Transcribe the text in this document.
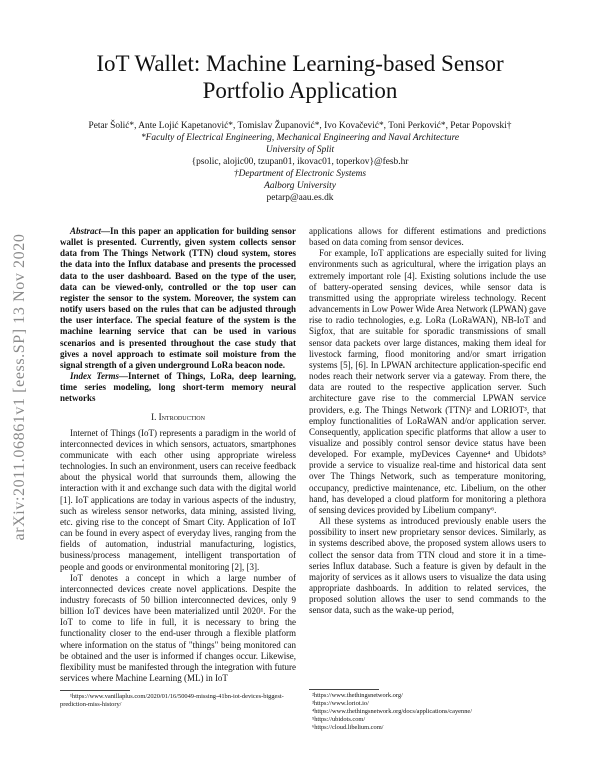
IoT Wallet: Machine Learning-based Sensor Portfolio Application
Petar Šolić*, Ante Lojić Kapetanović*, Tomislav Županović*, Ivo Kovačević*, Toni Perković*, Petar Popovski†
*Faculty of Electrical Engineering, Mechanical Engineering and Naval Architecture
University of Split
{psolic, alojic00, tzupan01, ikovac01, toperkov}@fesb.hr
†Department of Electronic Systems
Aalborg University
petarp@aau.es.dk
arXiv:2011.06861v1 [eess.SP] 13 Nov 2020

Abstract—In this paper an application for building sensor wallet is presented. Currently, given system collects sensor data from The Things Network (TTN) cloud system, stores the data into the Influx database and presents the processed data to the user dashboard. Based on the type of the user, data can be viewed-only, controlled or the top user can register the sensor to the system. Moreover, the system can notify users based on the rules that can be adjusted through the user interface. The special feature of the system is the machine learning service that can be used in various scenarios and is presented throughout the case study that gives a novel approach to estimate soil moisture from the signal strength of a given underground LoRa beacon node.

Index Terms—Internet of Things, LoRa, deep learning, time series modeling, long short-term memory neural networks

I. Introduction

Internet of Things (IoT) represents a paradigm in the world of interconnected devices in which sensors, actuators, smartphones communicate with each other using appropriate wireless technologies. In such an environment, users can receive feedback about the physical world that surrounds them, allowing the interaction with it and exchange such data with the digital world [1]. IoT applications are today in various aspects of the industry, such as wireless sensor networks, data mining, assisted living, etc. giving rise to the concept of Smart City. Application of IoT can be found in every aspect of everyday lives, ranging from the fields of automation, industrial manufacturing, logistics, business/process management, intelligent transportation of people and goods or environmental monitoring [2], [3].

IoT denotes a concept in which a large number of interconnected devices create novel applications. Despite the industry forecasts of 50 billion interconnected devices, only 9 billion IoT devices have been materialized until 2020¹. For the IoT to come to life in full, it is necessary to bring the functionality closer to the end-user through a flexible platform where information on the status of "things" being monitored can be obtained and the user is informed if changes occur. Likewise, flexibility must be manifested through the integration with future services where Machine Learning (ML) in IoT

¹https://www.vanillaplus.com/2020/01/16/50049-missing-41bn-iot-devices-biggest-prediction-miss-history/

applications allows for different estimations and predictions based on data coming from sensor devices.

For example, IoT applications are especially suited for living environments such as agricultural, where the irrigation plays an extremely important role [4]. Existing solutions include the use of battery-operated sensing devices, while sensor data is transmitted using the appropriate wireless technology. Recent advancements in Low Power Wide Area Network (LPWAN) gave rise to radio technologies, e.g. LoRa (LoRaWAN), NB-IoT and Sigfox, that are suitable for sporadic transmissions of small sensor data packets over large distances, making them ideal for livestock farming, flood monitoring and/or smart irrigation systems [5], [6]. In LPWAN architecture application-specific end nodes reach their network server via a gateway. From there, the data are routed to the respective application server. Such architecture gave rise to the commercial LPWAN service providers, e.g. The Things Network (TTN)² and LORIOT³, that employ functionalities of LoRaWAN and/or application server. Consequently, application specific platforms that allow a user to visualize and possibly control sensor device status have been developed. For example, myDevices Cayenne⁴ and Ubidots⁵ provide a service to visualize real-time and historical data sent over The Things Network, such as temperature monitoring, occupancy, predictive maintenance, etc. Libelium, on the other hand, has developed a cloud platform for monitoring a plethora of sensing devices provided by Libelium company⁶.

All these systems as introduced previously enable users the possibility to insert new proprietary sensor devices. Similarly, as in systems described above, the proposed system allows users to collect the sensor data from TTN cloud and store it in a time-series Influx database. Such a feature is given by default in the majority of services as it allows users to visualize the data using appropriate dashboards. In addition to related services, the proposed solution allows the user to send commands to the sensor data, such as the wake-up period,

²https://www.thethingsnetwork.org/

³https://www.loriot.io/

⁴https://www.thethingsnetwork.org/docs/applications/cayenne/

⁵https://ubidots.com/

⁶https://cloud.libelium.com/
